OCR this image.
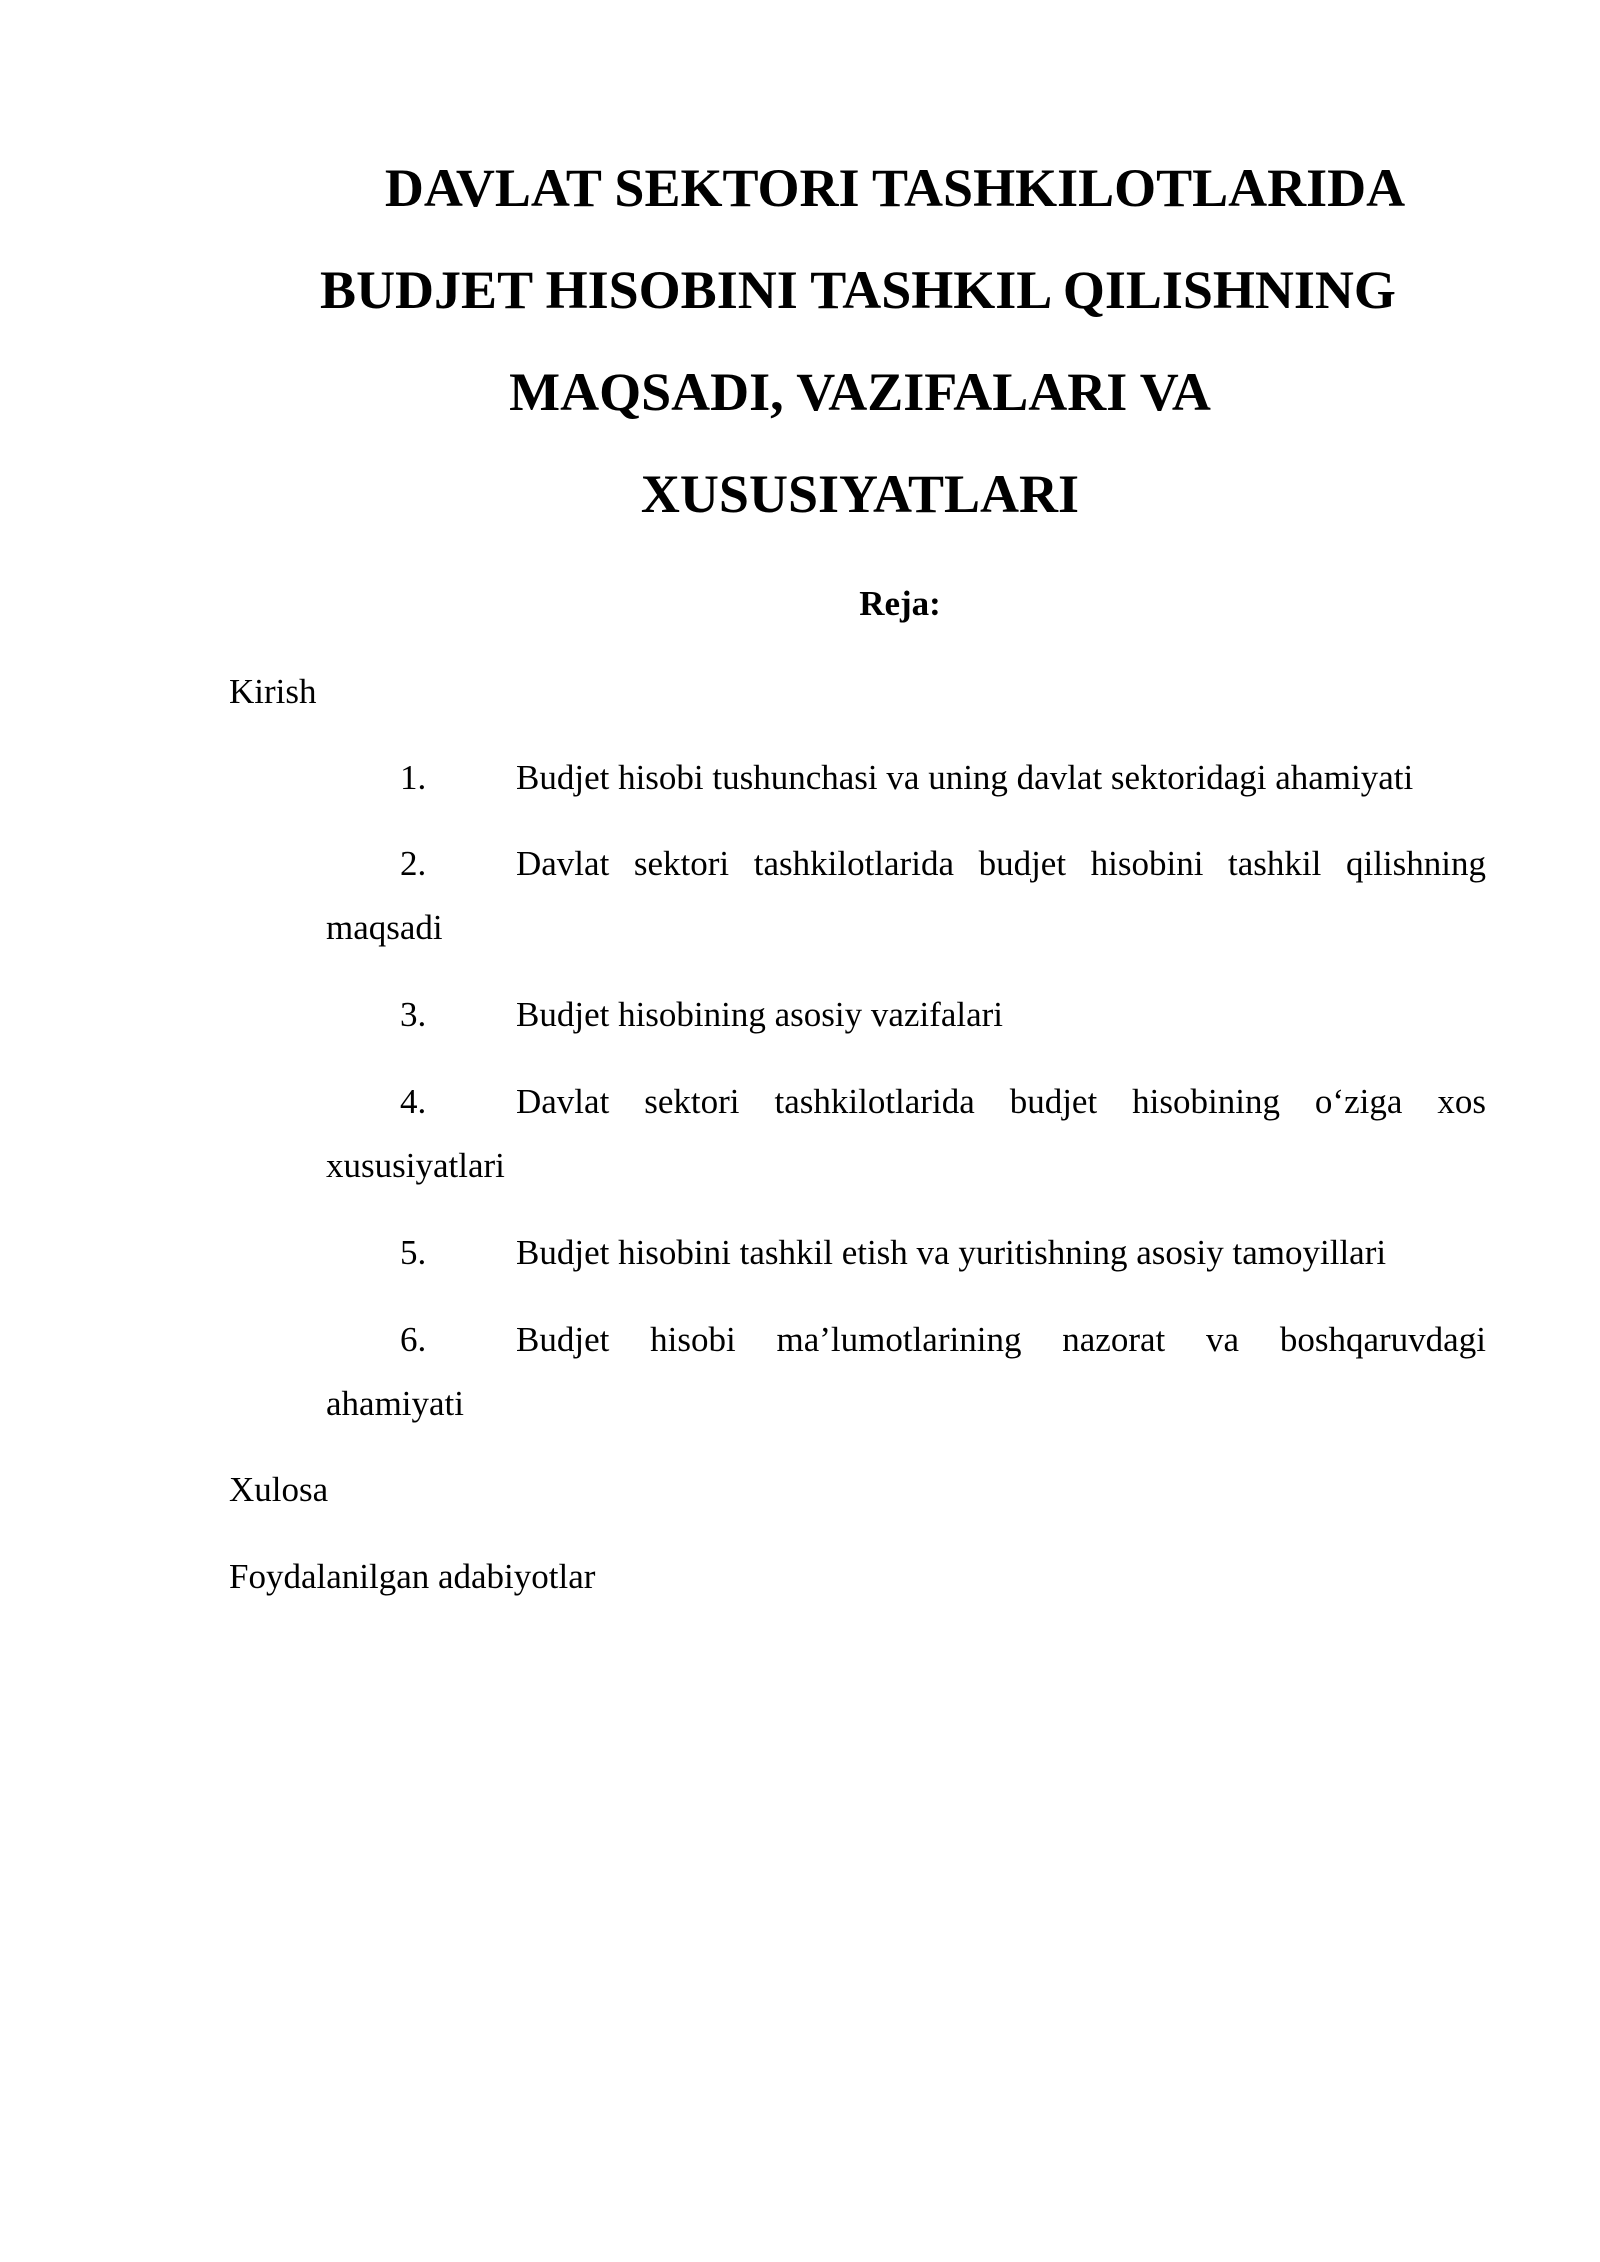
DAVLAT SEKTORI TASHKILOTLARIDA
BUDJET HISOBINI TASHKIL QILISHNING
MAQSADI, VAZIFALARI VA
XUSUSIYATLARI

Reja:

Kirish

1.	Budjet hisobi tushunchasi va uning davlat sektoridagi ahamiyati

2.	Davlat sektori tashkilotlarida budjet hisobini tashkil qilishning

maqsadi

3.	Budjet hisobining asosiy vazifalari

4.	Davlat sektori tashkilotlarida budjet hisobining o‘ziga xos

xususiyatlari

5.	Budjet hisobini tashkil etish va yuritishning asosiy tamoyillari

6.	Budjet hisobi ma’lumotlarining nazorat va boshqaruvdagi

ahamiyati

Xulosa

Foydalanilgan adabiyotlar
